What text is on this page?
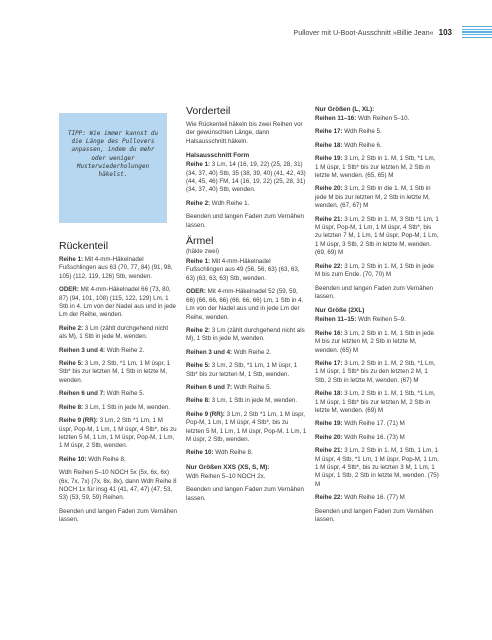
Pullover mit U-Boot-Ausschnitt »Billie Jean« 103

TIPP: Wie immer kannst du die Länge des Pullovers anpassen, indem du mehr oder weniger Musterwiederholungen häkelst.

Rückenteil
Reihe 1: Mit 4-mm-Häkelnadel Fußschlingen aus 63 (70, 77, 84) (91, 98, 105) (112, 119, 126) Stb, wenden.
ODER: Mit 4-mm-Häkelnadel 66 (73, 80, 87) (94, 101, 108) (115, 122, 129) Lm, 1 Stb in 4. Lm von der Nadel aus und in jede Lm der Reihe, wenden.
Reihe 2: 3 Lm (zählt durchgehend nicht als M), 1 Stb in jede M, wenden.
Reihen 3 und 4: Wdh Reihe 2.
Reihe 5: 3 Lm, 2 Stb, *1 Lm, 1 M üspr, 1 Stb* bis zur letzten M, 1 Stb in letzte M, wenden.
Reihen 6 und 7: Wdh Reihe 5.
Reihe 8: 3 Lm, 1 Stb in jede M, wenden.
Reihe 9 (RR): 3 Lm, 2 Stb *1 Lm, 1 M üspr, Pop-M, 1 Lm, 1 M üspr, 4 Stb*, bis zu letzten 5 M, 1 Lm, 1 M üspr, Pop-M, 1 Lm, 1 M üspr, 2 Stb, wenden.
Reihe 10: Wdh Reihe 8.
Wdh Reihen 5–10 NOCH 5x (5x, 6x, 6x) (6x, 7x, 7x) (7x, 8x, 8x), dann Wdh Reihe 8 NOCH 1x für insg 41 (41, 47, 47) (47, 53, 53) (53, 59, 59) Reihen.
Beenden und langen Faden zum Vernähen lassen.
Vorderteil
Wie Rückenteil häkeln bis zwei Reihen vor der gewünschten Länge, dann Halsausschnitt häkeln.
Halsausschnitt Form
Reihe 1: 3 Lm, 14 (16, 19, 22) (25, 28, 31) (34, 37, 40) Stb, 35 (38, 39, 40) (41, 42, 43) (44, 45, 46) FM, 14 (16, 19, 22) (25, 28, 31) (34, 37, 40) Stb, wenden.
Reihe 2: Wdh Reihe 1.
Beenden und langen Faden zum Vernähen lassen.
Ärmel
(häkle zwei)
Reihe 1: Mit 4-mm-Häkelnadel Fußschlingen aus 49 (56, 56, 63) (63, 63, 63) (63, 63, 63) Stb, wenden.
ODER: Mit 4-mm-Häkelnadel 52 (59, 59, 66) (66, 66, 66) (66, 66, 66) Lm, 1 Stb in 4. Lm von der Nadel aus und in jede Lm der Reihe, wenden.
Reihe 2: 3 Lm (zählt durchgehend nicht als M), 1 Stb in jede M, wenden.
Reihen 3 und 4: Wdh Reihe 2.
Reihe 5: 3 Lm, 2 Stb, *1 Lm, 1 M üspr, 1 Stb* bis zur letzten M, 1 Stb, wenden.
Reihen 6 und 7: Wdh Reihe 5.
Reihe 8: 3 Lm, 1 Stb in jede M, wenden.
Reihe 9 (RR): 3 Lm, 2 Stb *1 Lm, 1 M üspr, Pop-M, 1 Lm, 1 M üspr, 4 Stb*, bis zu letzten 5 M, 1 Lm, 1 M üspr, Pop-M, 1 Lm, 1 M üspr, 2 Stb, wenden.
Reihe 10: Wdh Reihe 8.
Nur Größen XXS (XS, S, M):
Wdh Reihen 5–10 NOCH 2x.
Beenden und langen Faden zum Vernähen lassen.
Nur Größen (L, XL):
Reihen 11–16: Wdh Reihen 5–10.
Reihe 17: Wdh Reihe 5.
Reihe 18: Wdh Reihe 6.
Reihe 19: 3 Lm, 2 Stb in 1. M, 1 Stb, *1 Lm, 1 M üspr, 1 Stb* bis zur letzten M, 2 Stb in letzte M, wenden. (65, 65) M
Reihe 20: 3 Lm, 2 Stb in die 1. M, 1 Stb in jede M bis zur letzten M, 2 Stb in letzte M, wenden. (67, 67) M
Reihe 21: 3 Lm, 2 Stb in 1. M, 3 Stb *1 Lm, 1 M üspr, Pop-M, 1 Lm, 1 M üspr, 4 Stb*, bis zu letzten 7 M, 1 Lm, 1 M üspr, Pop-M, 1 Lm, 1 M üspr, 3 Stb, 2 Stb in letzte M, wenden. (69, 69) M
Reihe 22: 3 Lm, 2 Stb in 1. M, 1 Stb in jede M bis zum Ende. (70, 70) M
Beenden und langen Faden zum Vernähen lassen.
Nur Größe (2XL)
Reihen 11–15: Wdh Reihen 5–9.
Reihe 16: 3 Lm, 2 Stb in 1. M, 1 Stb in jede M bis zur letzten M, 2 Stb in letzte M, wenden. (65) M
Reihe 17: 3 Lm, 2 Stb in 1. M, 2 Stb, *1 Lm, 1 M üspr, 1 Stb* bis zu den letzten 2 M, 1 Stb, 2 Stb in letzte M, wenden. (67) M
Reihe 18: 3 Lm, 2 Stb in 1. M, 1 Stb, *1 Lm, 1 M üspr, 1 Stb* bis zur letzten M, 2 Stb in letzte M, wenden. (69) M
Reihe 19: Wdh Reihe 17. (71) M
Reihe 20: Wdh Reihe 16. (73) M
Reihe 21: 3 Lm, 2 Stb in 1. M, 1 Stb, 1 Lm, 1 M üspr, 4 Stb, *1 Lm, 1 M üspr, Pop-M, 1 Lm, 1 M üspr, 4 Stb*, bis zu letzten 3 M, 1 Lm, 1 M üspr, 1 Stb, 2 Stb in letzte M, wenden. (75) M
Reihe 22: Wdh Reihe 16. (77) M
Beenden und langen Faden zum Vernähen lassen.
